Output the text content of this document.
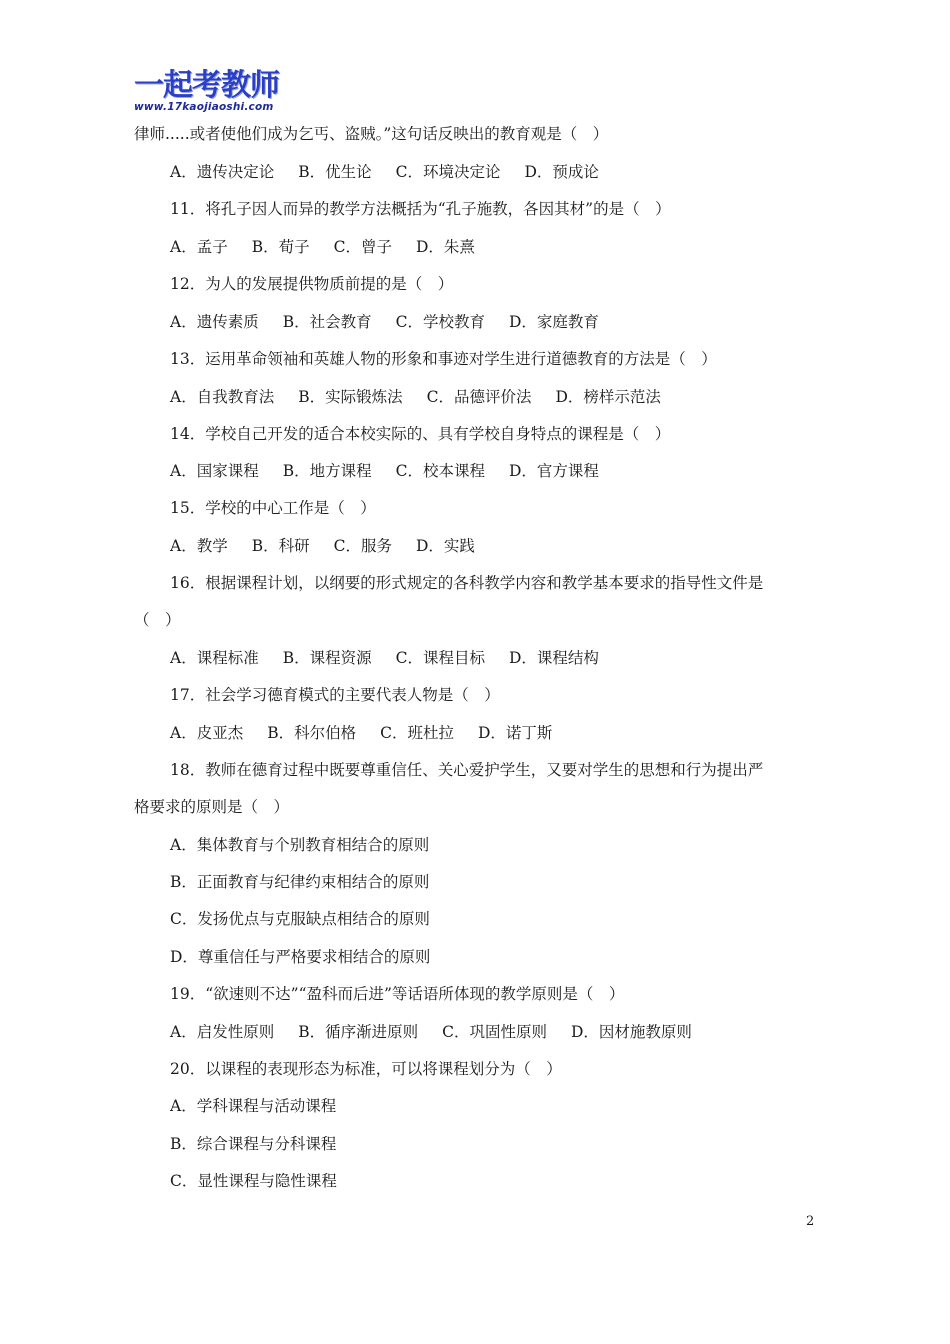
一起考教师
www.17kaojiaoshi.com
律师.....或者使他们成为乞丐、盗贼。”这句话反映出的教育观是（　）
A．遗传决定论 B．优生论 C．环境决定论 D．预成论
11．将孔子因人而异的教学方法概括为“孔子施教，各因其材”的是（　）
A．孟子 B．荀子 C．曾子 D．朱熹
12．为人的发展提供物质前提的是（　）
A．遗传素质 B．社会教育 C．学校教育 D．家庭教育
13．运用革命领袖和英雄人物的形象和事迹对学生进行道德教育的方法是（　）
A．自我教育法 B．实际锻炼法 C．品德评价法 D．榜样示范法
14．学校自己开发的适合本校实际的、具有学校自身特点的课程是（　）
A．国家课程 B．地方课程 C．校本课程 D．官方课程
15．学校的中心工作是（　）
A．教学 B．科研 C．服务 D．实践
16．根据课程计划，以纲要的形式规定的各科教学内容和教学基本要求的指导性文件是
（　）
A．课程标准 B．课程资源 C．课程目标 D．课程结构
17．社会学习德育模式的主要代表人物是（　）
A．皮亚杰 B．科尔伯格 C．班杜拉 D．诺丁斯
18．教师在德育过程中既要尊重信任、关心爱护学生，又要对学生的思想和行为提出严
格要求的原则是（　）
A．集体教育与个别教育相结合的原则
B．正面教育与纪律约束相结合的原则
C．发扬优点与克服缺点相结合的原则
D．尊重信任与严格要求相结合的原则
19．“欲速则不达”“盈科而后进”等话语所体现的教学原则是（　）
A．启发性原则 B．循序渐进原则 C．巩固性原则 D．因材施教原则
20．以课程的表现形态为标准，可以将课程划分为（　）
A．学科课程与活动课程
B．综合课程与分科课程
C．显性课程与隐性课程
2
